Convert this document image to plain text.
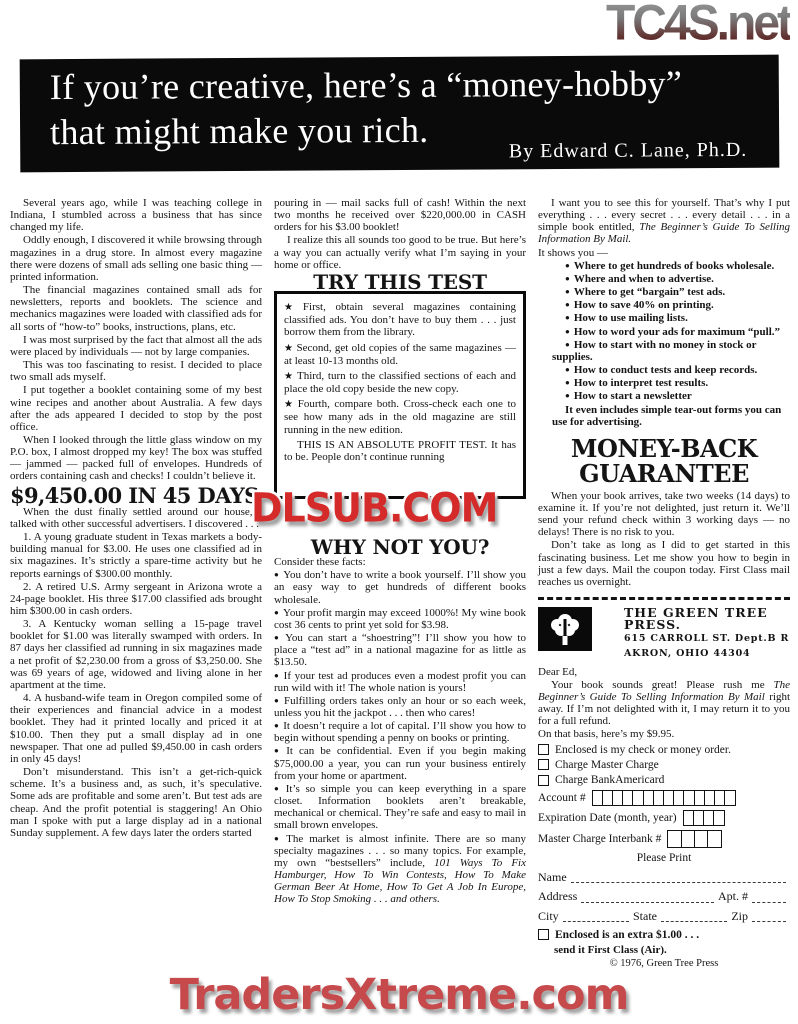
TC4S.net
If you’re creative, here’s a “money-hobby”
that might make you rich.	By Edward C. Lane, Ph.D.

Several years ago, while I was teaching college in Indiana, I stumbled across a business that has since changed my life.

Oddly enough, I discovered it while browsing through magazines in a drug store. In almost every magazine there were dozens of small ads selling one basic thing — printed information.

The financial magazines contained small ads for newsletters, reports and booklets. The science and mechanics magazines were loaded with classified ads for all sorts of “how-to” books, instructions, plans, etc.

I was most surprised by the fact that almost all the ads were placed by individuals — not by large companies.

This was too fascinating to resist. I decided to place two small ads myself.

I put together a booklet containing some of my best wine recipes and another about Australia. A few days after the ads appeared I decided to stop by the post office.

When I looked through the little glass window on my P.O. box, I almost dropped my key! The box was stuffed — jammed — packed full of envelopes. Hundreds of orders containing cash and checks! I couldn’t believe it.

$9,450.00 IN 45 DAYS

When the dust finally settled around our house, I talked with other successful advertisers. I discovered . . .

1. A young graduate student in Texas markets a body-building manual for $3.00. He uses one classified ad in six magazines. It’s strictly a spare-time activity but he reports earnings of $300.00 monthly.

2. A retired U.S. Army sergeant in Arizona wrote a 24-page booklet. His three $17.00 classified ads brought him $300.00 in cash orders.

3. A Kentucky woman selling a 15-page travel booklet for $1.00 was literally swamped with orders. In 87 days her classified ad running in six magazines made a net profit of $2,230.00 from a gross of $3,250.00. She was 69 years of age, widowed and living alone in her apartment at the time.

4. A husband-wife team in Oregon compiled some of their experiences and financial advice in a modest booklet. They had it printed locally and priced it at $10.00. Then they put a small display ad in one newspaper. That one ad pulled $9,450.00 in cash orders in only 45 days!

Don’t misunderstand. This isn’t a get-rich-quick scheme. It’s a business and, as such, it’s speculative. Some ads are profitable and some aren’t. But test ads are cheap. And the profit potential is staggering! An Ohio man I spoke with put a large display ad in a national Sunday supplement. A few days later the orders started

pouring in — mail sacks full of cash! Within the next two months he received over $220,000.00 in CASH orders for his $3.00 booklet!

I realize this all sounds too good to be true. But here’s a way you can actually verify what I’m saying in your home or office.

TRY THIS TEST

★ First, obtain several magazines containing classified ads. You don’t have to buy them . . . just borrow them from the library.

★ Second, get old copies of the same magazines — at least 10-13 months old.

★ Third, turn to the classified sections of each and place the old copy beside the new copy.

★ Fourth, compare both. Cross-check each one to see how many ads in the old magazine are still running in the new edition.

THIS IS AN ABSOLUTE PROFIT TEST. It has to be. People don’t continue running

WHY NOT YOU?

Consider these facts:

● You don’t have to write a book yourself. I’ll show you an easy way to get hundreds of different books wholesale.

● Your profit margin may exceed 1000%! My wine book cost 36 cents to print yet sold for $3.98.

● You can start a “shoestring”! I’ll show you how to place a “test ad” in a national magazine for as little as $13.50.

● If your test ad produces even a modest profit you can run wild with it! The whole nation is yours!

● Fulfilling orders takes only an hour or so each week, unless you hit the jackpot . . . then who cares!

● It doesn’t require a lot of capital. I’ll show you how to begin without spending a penny on books or printing.

● It can be confidential. Even if you begin making $75,000.00 a year, you can run your business entirely from your home or apartment.

● It’s so simple you can keep everything in a spare closet. Information booklets aren’t breakable, mechanical or chemical. They’re safe and easy to mail in small brown envelopes.

● The market is almost infinite. There are so many specialty magazines . . . so many topics. For example, my own “bestsellers” include, 101 Ways To Fix Hamburger, How To Win Contests, How To Make German Beer At Home, How To Get A Job In Europe, How To Stop Smoking . . . and others.

I want you to see this for yourself. That’s why I put everything . . . every secret . . . every detail . . . in a simple book entitled, The Beginner’s Guide To Selling Information By Mail.

It shows you —

● Where to get hundreds of books wholesale.

● Where and when to advertise.

● Where to get “bargain” test ads.

● How to save 40% on printing.

● How to use mailing lists.

● How to word your ads for maximum “pull.”

● How to start with no money in stock or supplies.

● How to conduct tests and keep records.

● How to interpret test results.

● How to start a newsletter

It even includes simple tear-out forms you can use for advertising.

MONEY-BACK
GUARANTEE

When your book arrives, take two weeks (14 days) to examine it. If you’re not delighted, just return it. We’ll send your refund check within 3 working days — no delays! There is no risk to you.

Don’t take as long as I did to get started in this fascinating business. Let me show you how to begin in just a few days. Mail the coupon today. First Class mail reaches us overnight.

THE GREEN TREE PRESS.
615 CARROLL ST. Dept.B R
AKRON, OHIO 44304

Dear Ed,

Your book sounds great! Please rush me The Beginner’s Guide To Selling Information By Mail right away. If I’m not delighted with it, I may return it to you for a full refund.

On that basis, here’s my $9.95.

Enclosed is my check or money order.
Charge Master Charge
Charge BankAmericard
Account #
Expiration Date (month, year)
Master Charge Interbank #
Please Print
Name
Address	Apt. #
City	State	Zip
Enclosed is an extra $1.00 . . .

send it First Class (Air).

© 1976, Green Tree Press
DLSUB.COM
TradersXtreme.com
